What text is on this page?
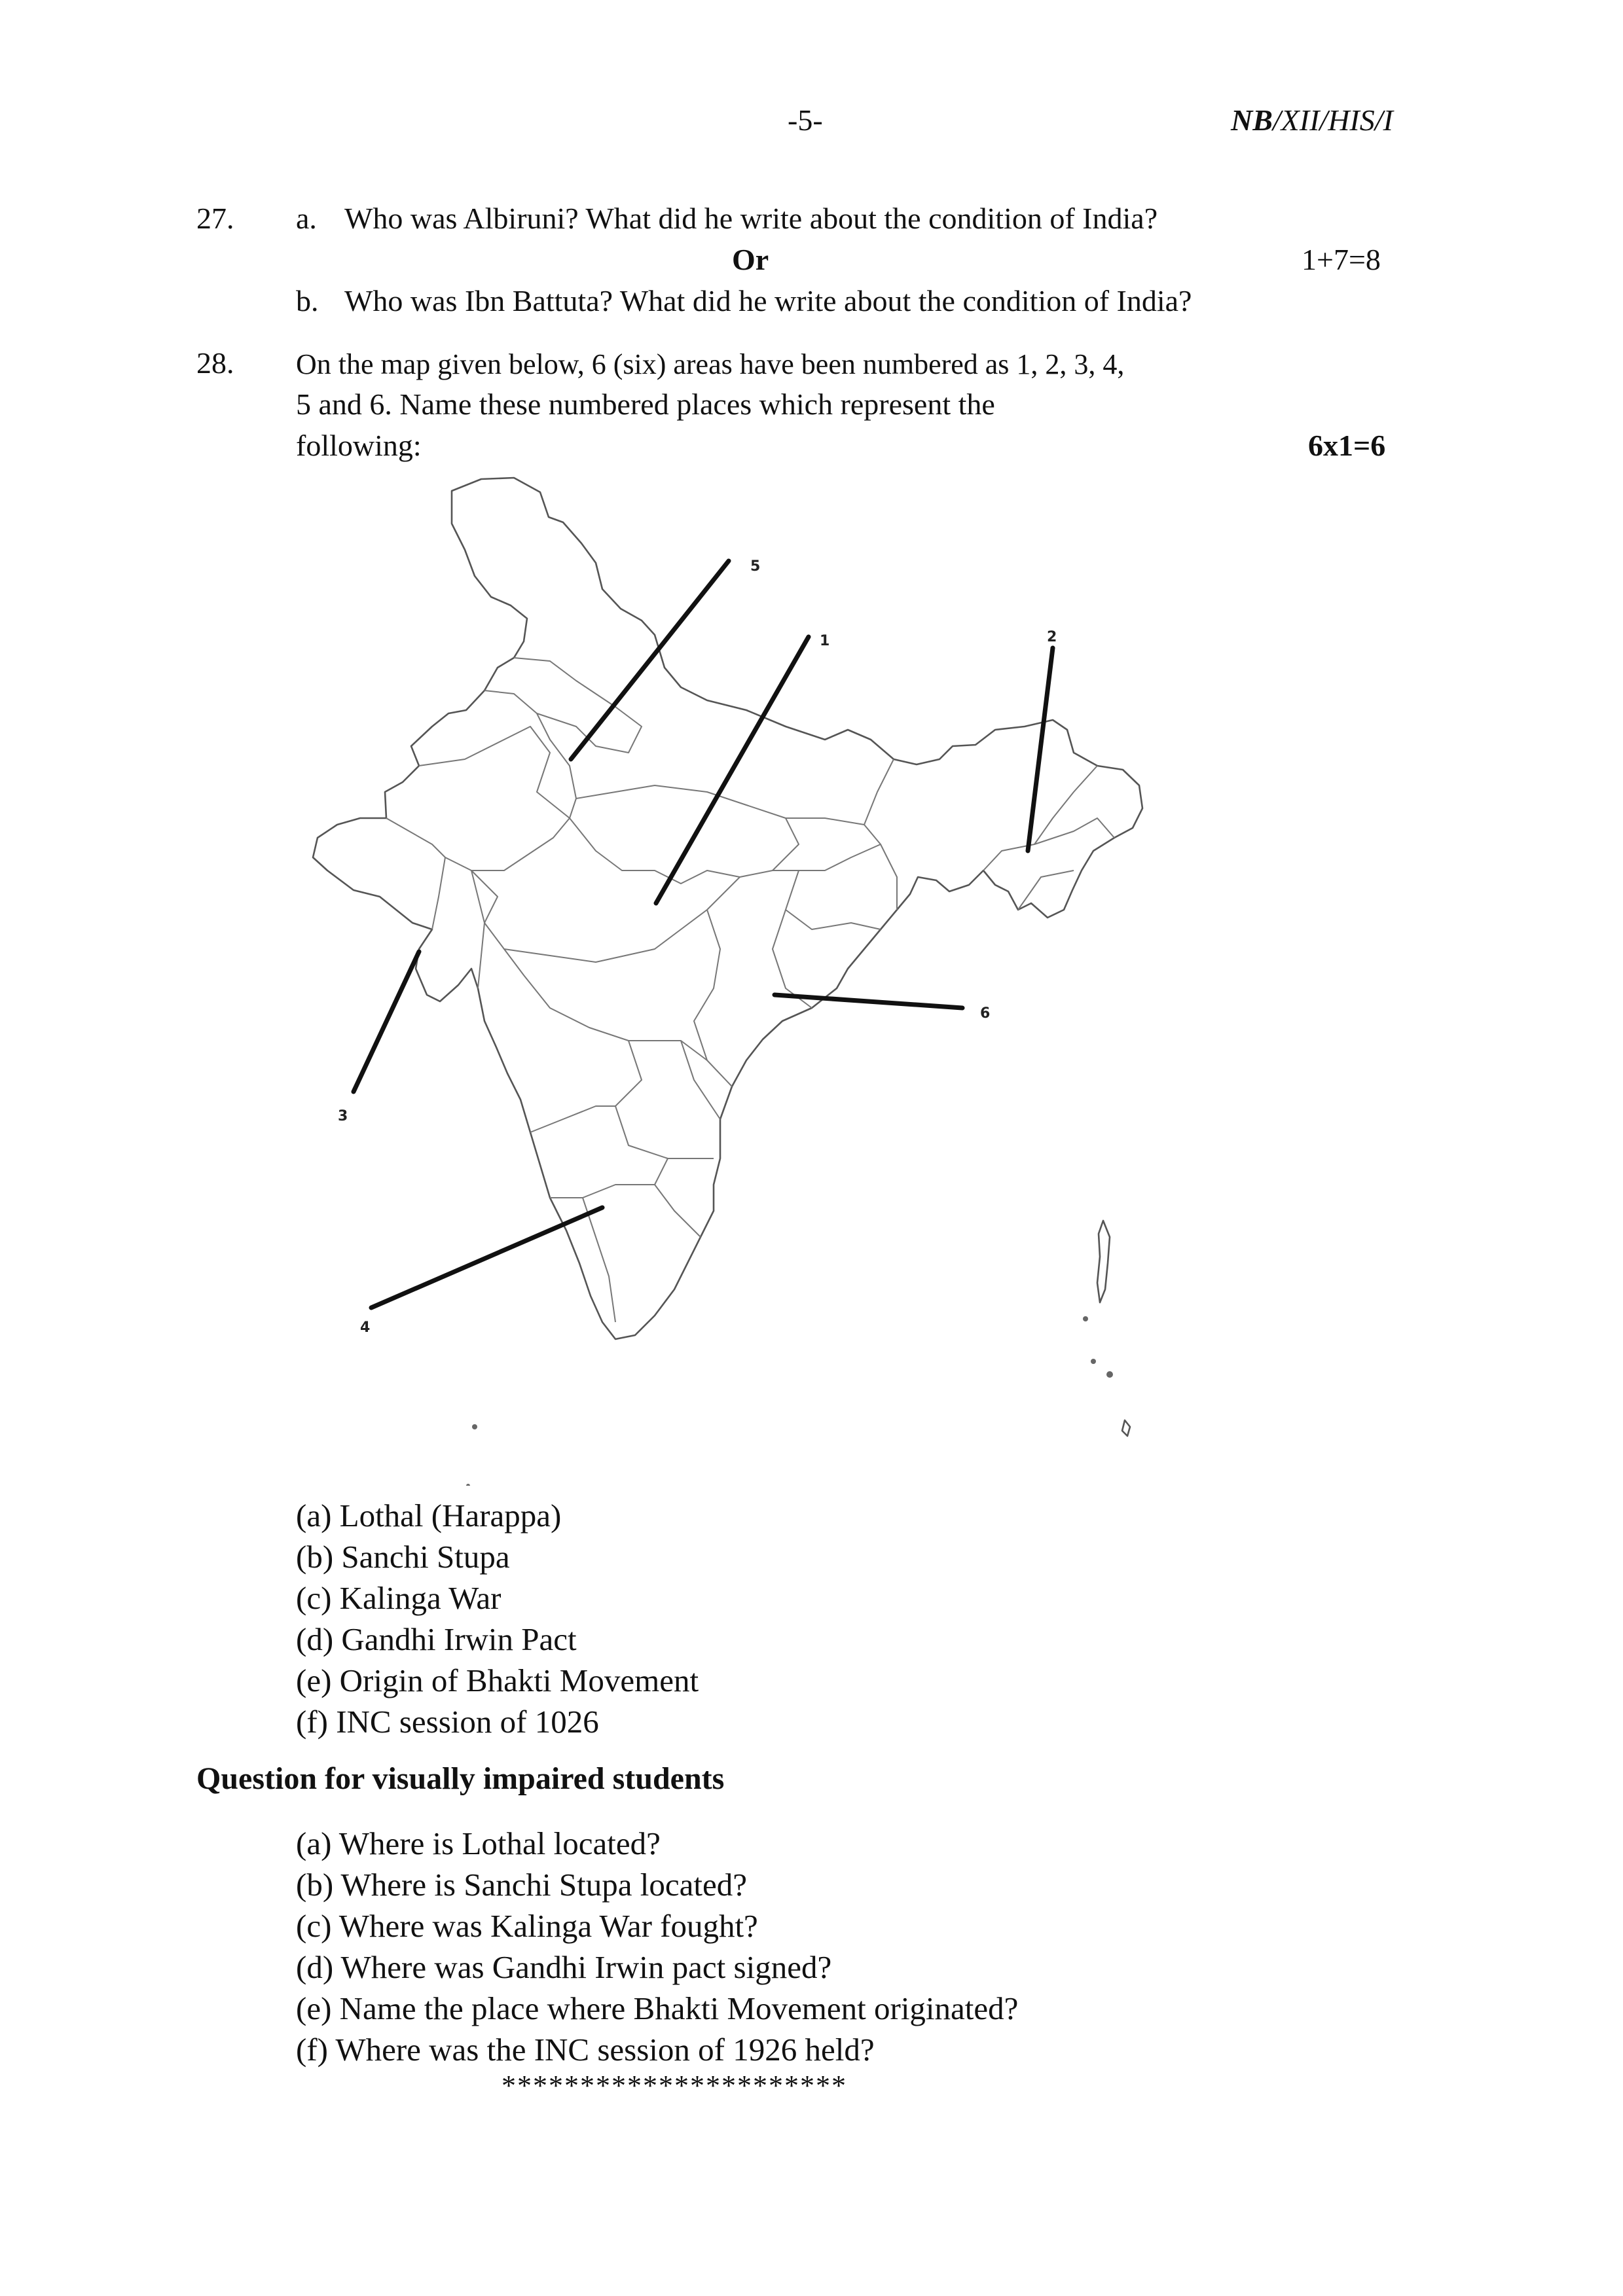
-5-	NB/XII/HIS/I
27. a. Who was Albiruni? What did he write about the condition of India?
Or	1+7=8
b. Who was Ibn Battuta? What did he write about the condition of India?
28. On the map given below, 6 (six) areas have been numbered as 1, 2, 3, 4,
5 and 6. Name these numbered places which represent the
following:	6x1=6
5
1	2
3
6
4
(a) Lothal (Harappa)
(b) Sanchi Stupa
(c) Kalinga War
(d) Gandhi Irwin Pact
(e) Origin of Bhakti Movement
(f) INC session of 1026
Question for visually impaired students
(a) Where is Lothal located?
(b) Where is Sanchi Stupa located?
(c) Where was Kalinga War fought?
(d) Where was Gandhi Irwin pact signed?
(e) Name the place where Bhakti Movement originated?
(f) Where was the INC session of 1926 held?
**********************
